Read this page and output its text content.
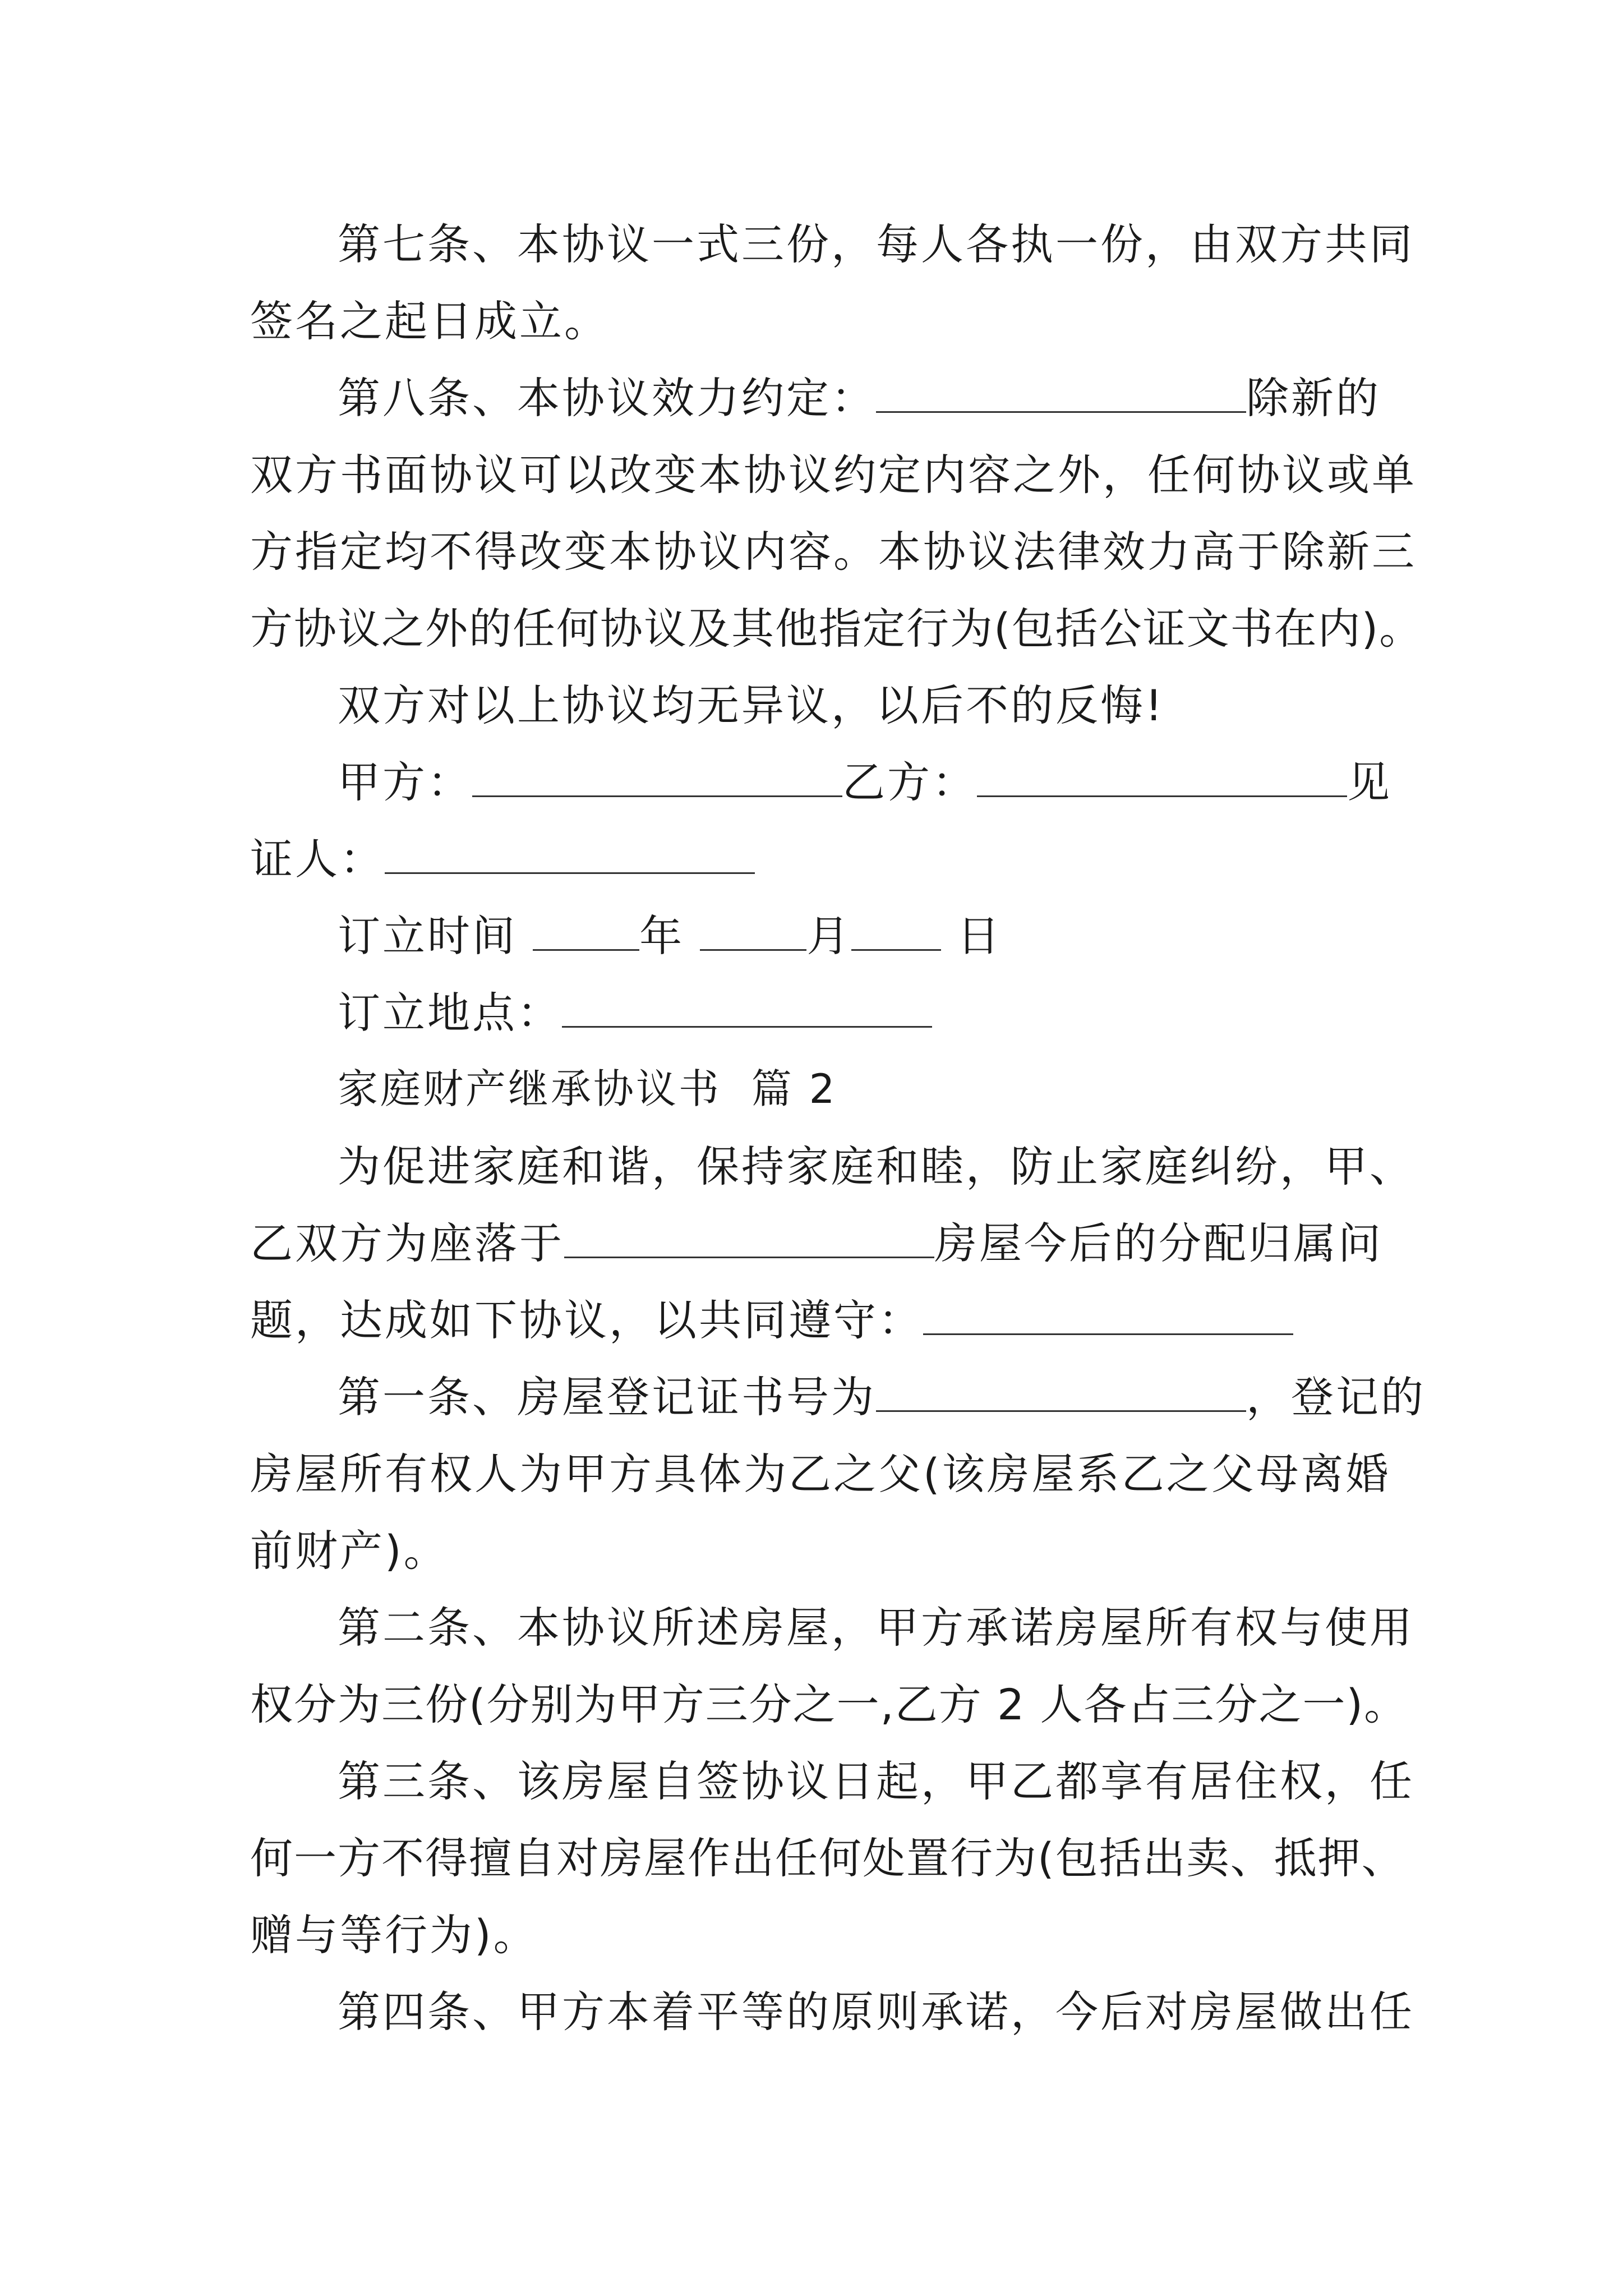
第七条、本协议一式三份，每人各执一份，由双方共同
签名之起日成立。
第八条、本协议效力约定：	除新的
双方书面协议可以改变本协议约定内容之外，任何协议或单
方指定均不得改变本协议内容。本协议法律效力高于除新三
方协议之外的任何协议及其他指定行为(包括公证文书在内)。
双方对以上协议均无异议，以后不的反悔!
甲方：	乙方：	见
证人：
订立时间	年	月 日
订立地点：
家庭财产继承协议书  篇 2
为促进家庭和谐，保持家庭和睦，防止家庭纠纷，甲、
乙双方为座落于	房屋今后的分配归属问
题，达成如下协议，以共同遵守：
第一条、房屋登记证书号为	，登记的
房屋所有权人为甲方具体为乙之父(该房屋系乙之父母离婚
前财产)。
第二条、本协议所述房屋，甲方承诺房屋所有权与使用
权分为三份(分别为甲方三分之一,乙方 2 人各占三分之一)。
第三条、该房屋自签协议日起，甲乙都享有居住权，任
何一方不得擅自对房屋作出任何处置行为(包括出卖、抵押、
赠与等行为)。
第四条、甲方本着平等的原则承诺，今后对房屋做出任
